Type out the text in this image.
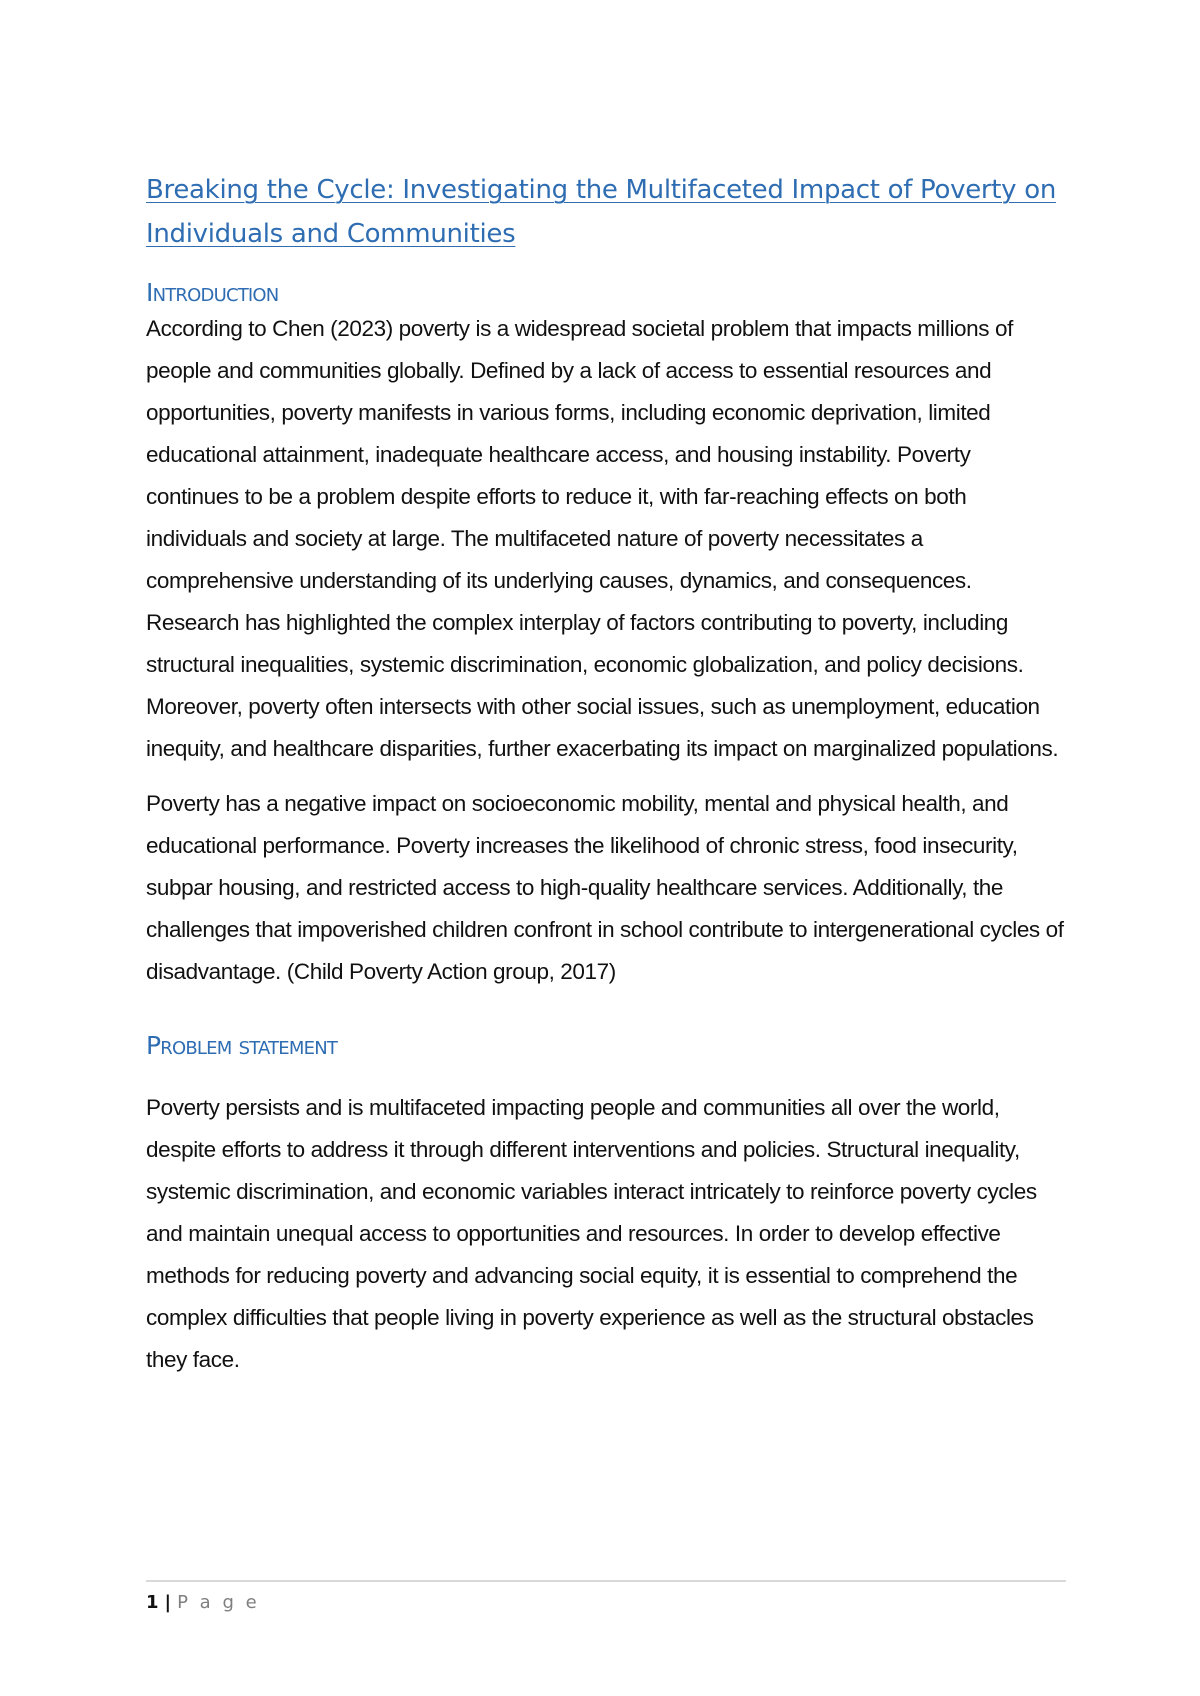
Breaking the Cycle: Investigating the Multifaceted Impact of Poverty on Individuals and Communities
Introduction

According to Chen (2023) poverty is a widespread societal problem that impacts millions of people and communities globally. Defined by a lack of access to essential resources and opportunities, poverty manifests in various forms, including economic deprivation, limited educational attainment, inadequate healthcare access, and housing instability. Poverty continues to be a problem despite efforts to reduce it, with far-reaching effects on both individuals and society at large. The multifaceted nature of poverty necessitates a comprehensive understanding of its underlying causes, dynamics, and consequences. Research has highlighted the complex interplay of factors contributing to poverty, including structural inequalities, systemic discrimination, economic globalization, and policy decisions. Moreover, poverty often intersects with other social issues, such as unemployment, education inequity, and healthcare disparities, further exacerbating its impact on marginalized populations.

Poverty has a negative impact on socioeconomic mobility, mental and physical health, and educational performance. Poverty increases the likelihood of chronic stress, food insecurity, subpar housing, and restricted access to high-quality healthcare services. Additionally, the challenges that impoverished children confront in school contribute to intergenerational cycles of disadvantage. (Child Poverty Action group, 2017)

Problem statement

Poverty persists and is multifaceted impacting people and communities all over the world, despite efforts to address it through different interventions and policies. Structural inequality, systemic discrimination, and economic variables interact intricately to reinforce poverty cycles and maintain unequal access to opportunities and resources. In order to develop effective methods for reducing poverty and advancing social equity, it is essential to comprehend the complex difficulties that people living in poverty experience as well as the structural obstacles they face.

1 | P a g e
